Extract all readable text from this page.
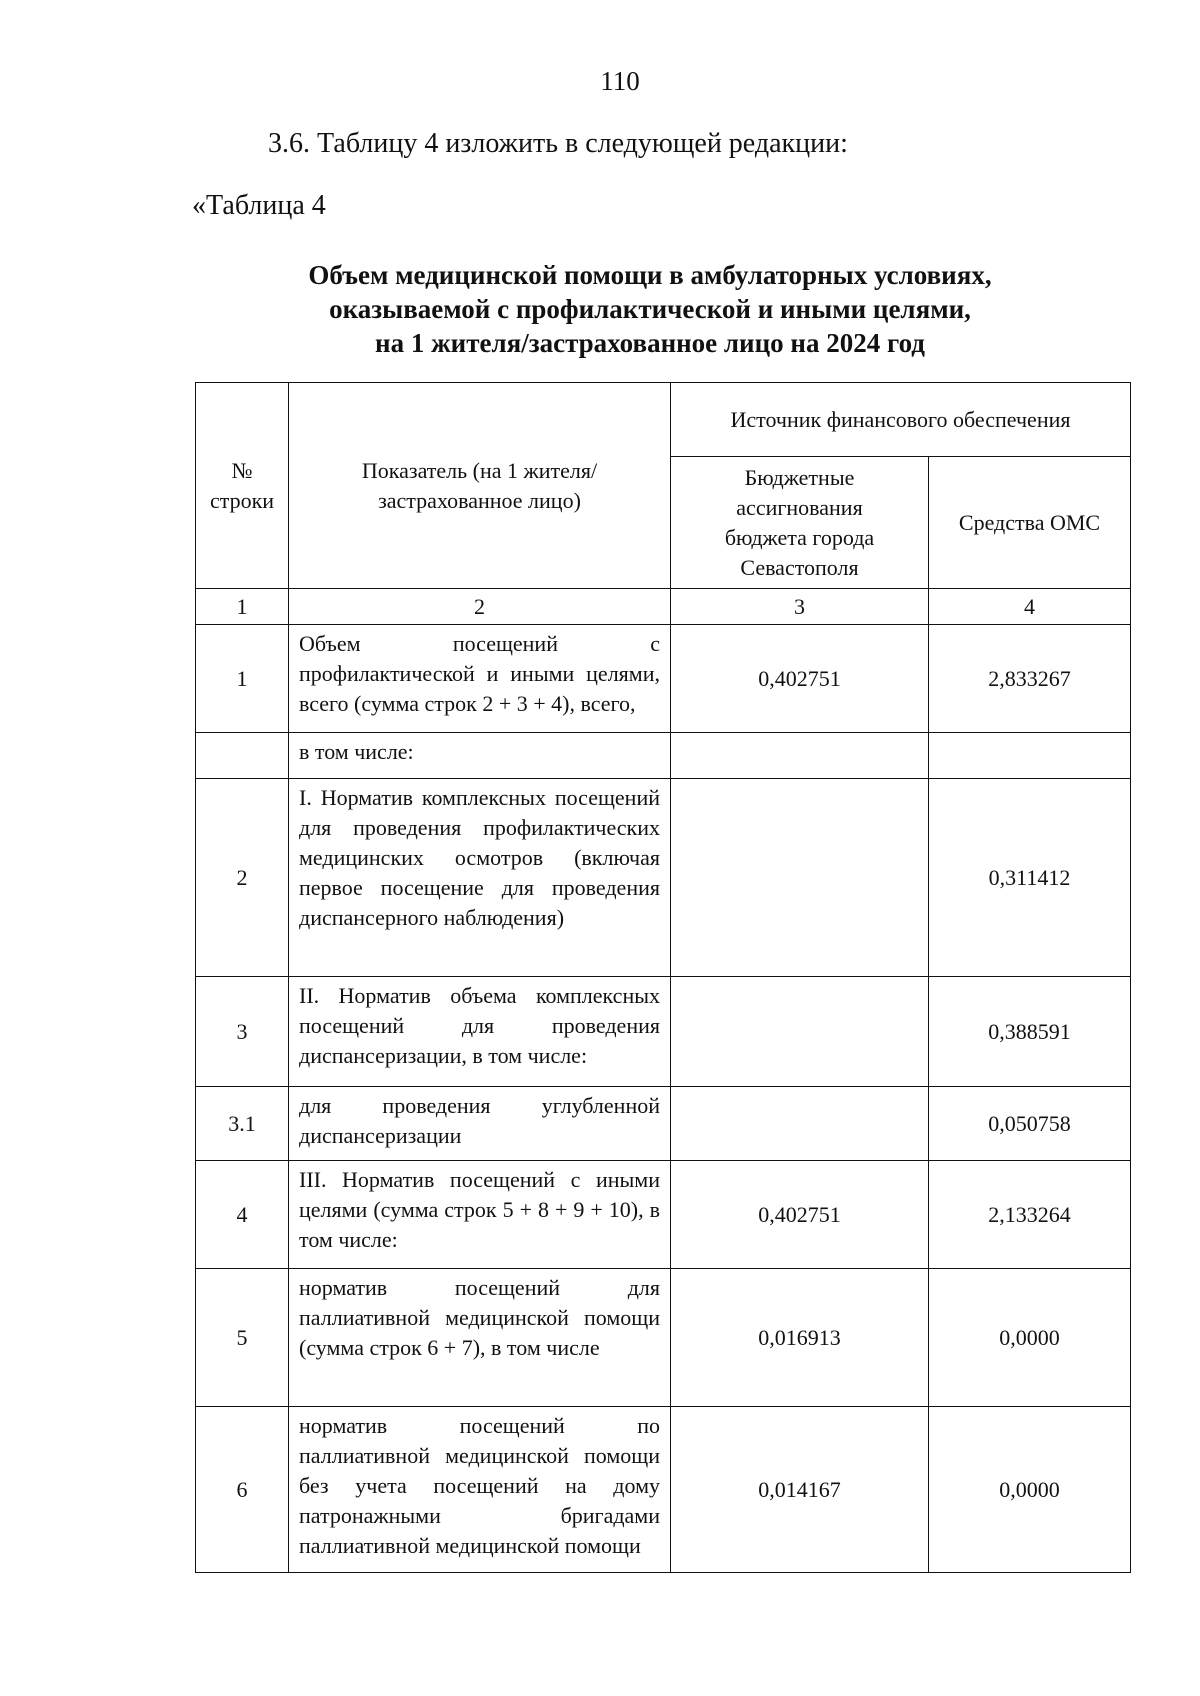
110
3.6. Таблицу 4 изложить в следующей редакции:
«Таблица 4
Объем медицинской помощи в амбулаторных условиях,
оказываемой с профилактической и иными целями,
на 1 жителя/застрахованное лицо на 2024 год
№ строки	Показатель (на 1 жителя/застрахованное лицо)	Источник финансового обеспечения	
		Бюджетные ассигнования бюджета города Севастополя	Средства ОМС
1	2	3	4
1	Объем посещений с профилактической и иными целями, всего (сумма строк 2 + 3 + 4), всего,	0,402751	2,833267
	в том числе:		
2	I. Норматив комплексных посещений для проведения профилактических медицинских осмотров (включая первое посещение для проведения диспансерного наблюдения)		0,311412
3	II. Норматив объема комплексных посещений для проведения диспансеризации, в том числе:		0,388591
3.1	для проведения углубленной диспансеризации		0,050758
4	III. Норматив посещений с иными целями (сумма строк 5 + 8 + 9 + 10), в том числе:	0,402751	2,133264
5	норматив посещений для паллиативной медицинской помощи (сумма строк 6 + 7), в том числе	0,016913	0,0000
6	норматив посещений по паллиативной медицинской помощи без учета посещений на дому патронажными бригадами паллиативной медицинской помощи	0,014167	0,0000
